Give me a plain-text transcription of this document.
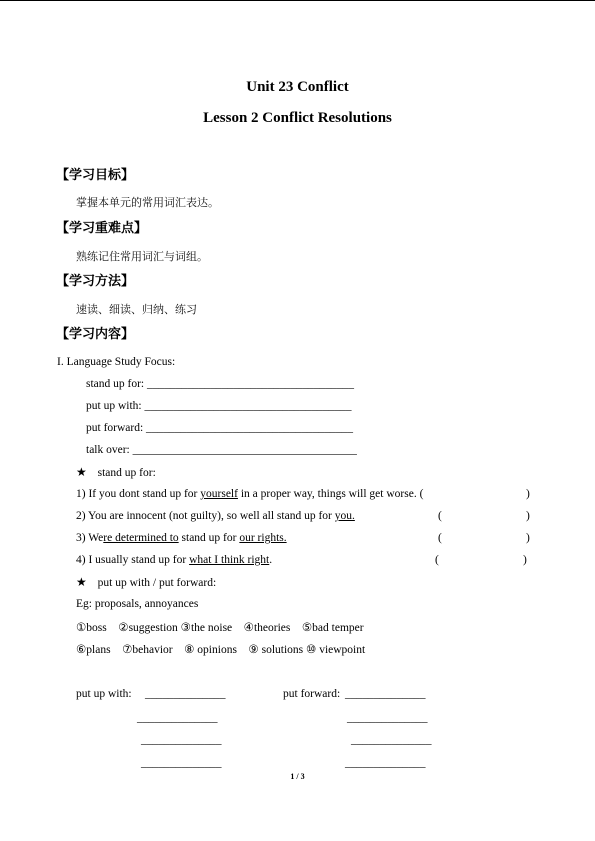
Unit 23 Conflict
Lesson 2 Conflict Resolutions
【学习目标】
掌握本单元的常用词汇表达。
【学习重难点】
熟练记住常用词汇与词组。
【学习方法】
速读、细读、归纳、练习
【学习内容】
I. Language Study Focus:
stand up for: ____________________________________
put up with: ____________________________________
put forward: ____________________________________
talk over: _______________________________________
★ stand up for:
1) If you dont stand up for yourself in a proper way, things will get worse. (	)
2) You are innocent (not guilty), so well all stand up for you.	(	)
3) Were determined to stand up for our rights.	(	)
4) I usually stand up for what I think right.	(	)
★ put up with / put forward:
Eg: proposals, annoyances
①boss    ②suggestion ③the noise    ④theories    ⑤bad temper
⑥plans    ⑦behavior    ⑧ opinions    ⑨ solutions ⑩ viewpoint
put up with: ______________	put forward: ______________
______________	______________
______________	______________
______________	______________
1 / 3
